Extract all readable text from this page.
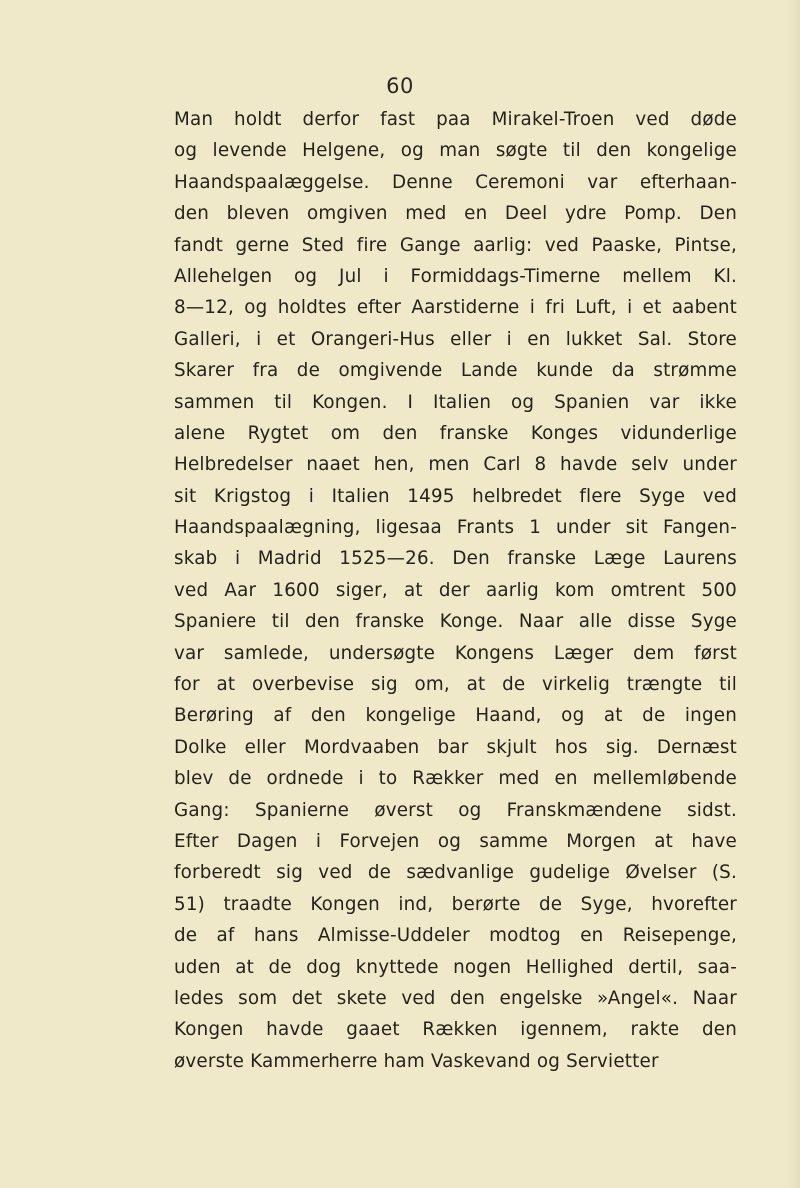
60
Man holdt derfor fast paa Mirakel-Troen ved døde
og levende Helgene, og man søgte til den kongelige
Haandspaalæggelse. Denne Ceremoni var efterhaan-
den bleven omgiven med en Deel ydre Pomp. Den
fandt gerne Sted fire Gange aarlig: ved Paaske, Pintse,
Allehelgen og Jul i Formiddags-Timerne mellem Kl.
8—12, og holdtes efter Aarstiderne i fri Luft, i et aabent
Galleri, i et Orangeri-Hus eller i en lukket Sal. Store
Skarer fra de omgivende Lande kunde da strømme
sammen til Kongen. I Italien og Spanien var ikke
alene Rygtet om den franske Konges vidunderlige
Helbredelser naaet hen, men Carl 8 havde selv under
sit Krigstog i Italien 1495 helbredet flere Syge ved
Haandspaalægning, ligesaa Frants 1 under sit Fangen-
skab i Madrid 1525—26. Den franske Læge Laurens
ved Aar 1600 siger, at der aarlig kom omtrent 500
Spaniere til den franske Konge. Naar alle disse Syge
var samlede, undersøgte Kongens Læger dem først
for at overbevise sig om, at de virkelig trængte til
Berøring af den kongelige Haand, og at de ingen
Dolke eller Mordvaaben bar skjult hos sig. Dernæst
blev de ordnede i to Rækker med en mellemløbende
Gang: Spanierne øverst og Franskmændene sidst.
Efter Dagen i Forvejen og samme Morgen at have
forberedt sig ved de sædvanlige gudelige Øvelser (S.
51) traadte Kongen ind, berørte de Syge, hvorefter
de af hans Almisse-Uddeler modtog en Reisepenge,
uden at de dog knyttede nogen Hellighed dertil, saa-
ledes som det skete ved den engelske »Angel«. Naar
Kongen havde gaaet Rækken igennem, rakte den
øverste Kammerherre ham Vaskevand og Servietter
